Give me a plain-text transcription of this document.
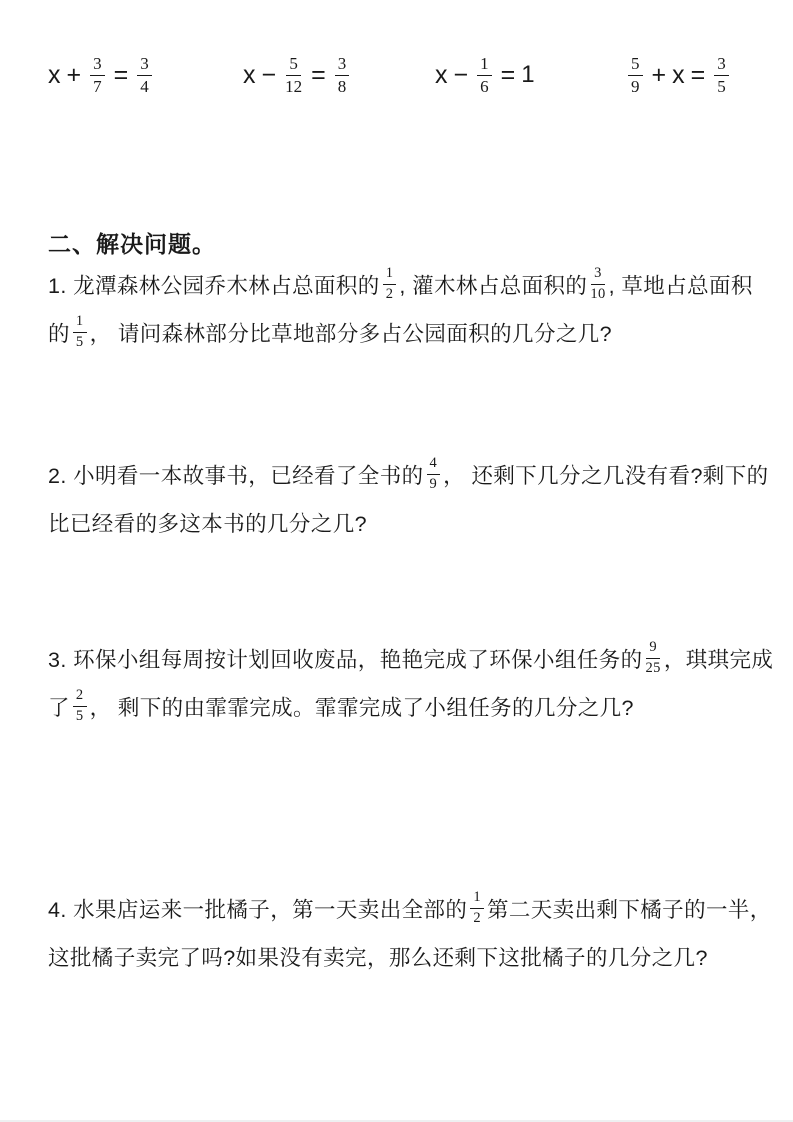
$x + \frac{3}{7} = \frac{3}{4}$	$x - \frac{5}{12} = \frac{3}{8}$	$x - \frac{1}{6} = 1$	$\frac{5}{9} + x = \frac{3}{5}$
二、解决问题。
1. 龙潭森林公园乔木林占总面积的 $\frac{1}{2}$ , 灌木林占总面积的 $\frac{3}{10}$ , 草地占总面积
的 $\frac{1}{5}$ ， 请问森林部分比草地部分多占公园面积的几分之几?
2. 小明看一本故事书，已经看了全书的 $\frac{4}{9}$ ， 还剩下几分之几没有看?剩下的
比已经看的多这本书的几分之几?
3. 环保小组每周按计划回收废品，艳艳完成了环保小组任务的 $\frac{9}{25}$ ，琪琪完成
了 $\frac{2}{5}$ ， 剩下的由霏霏完成。霏霏完成了小组任务的几分之几?
4. 水果店运来一批橘子，第一天卖出全部的 $\frac{1}{2}$ 第二天卖出剩下橘子的一半，
这批橘子卖完了吗?如果没有卖完，那么还剩下这批橘子的几分之几?
